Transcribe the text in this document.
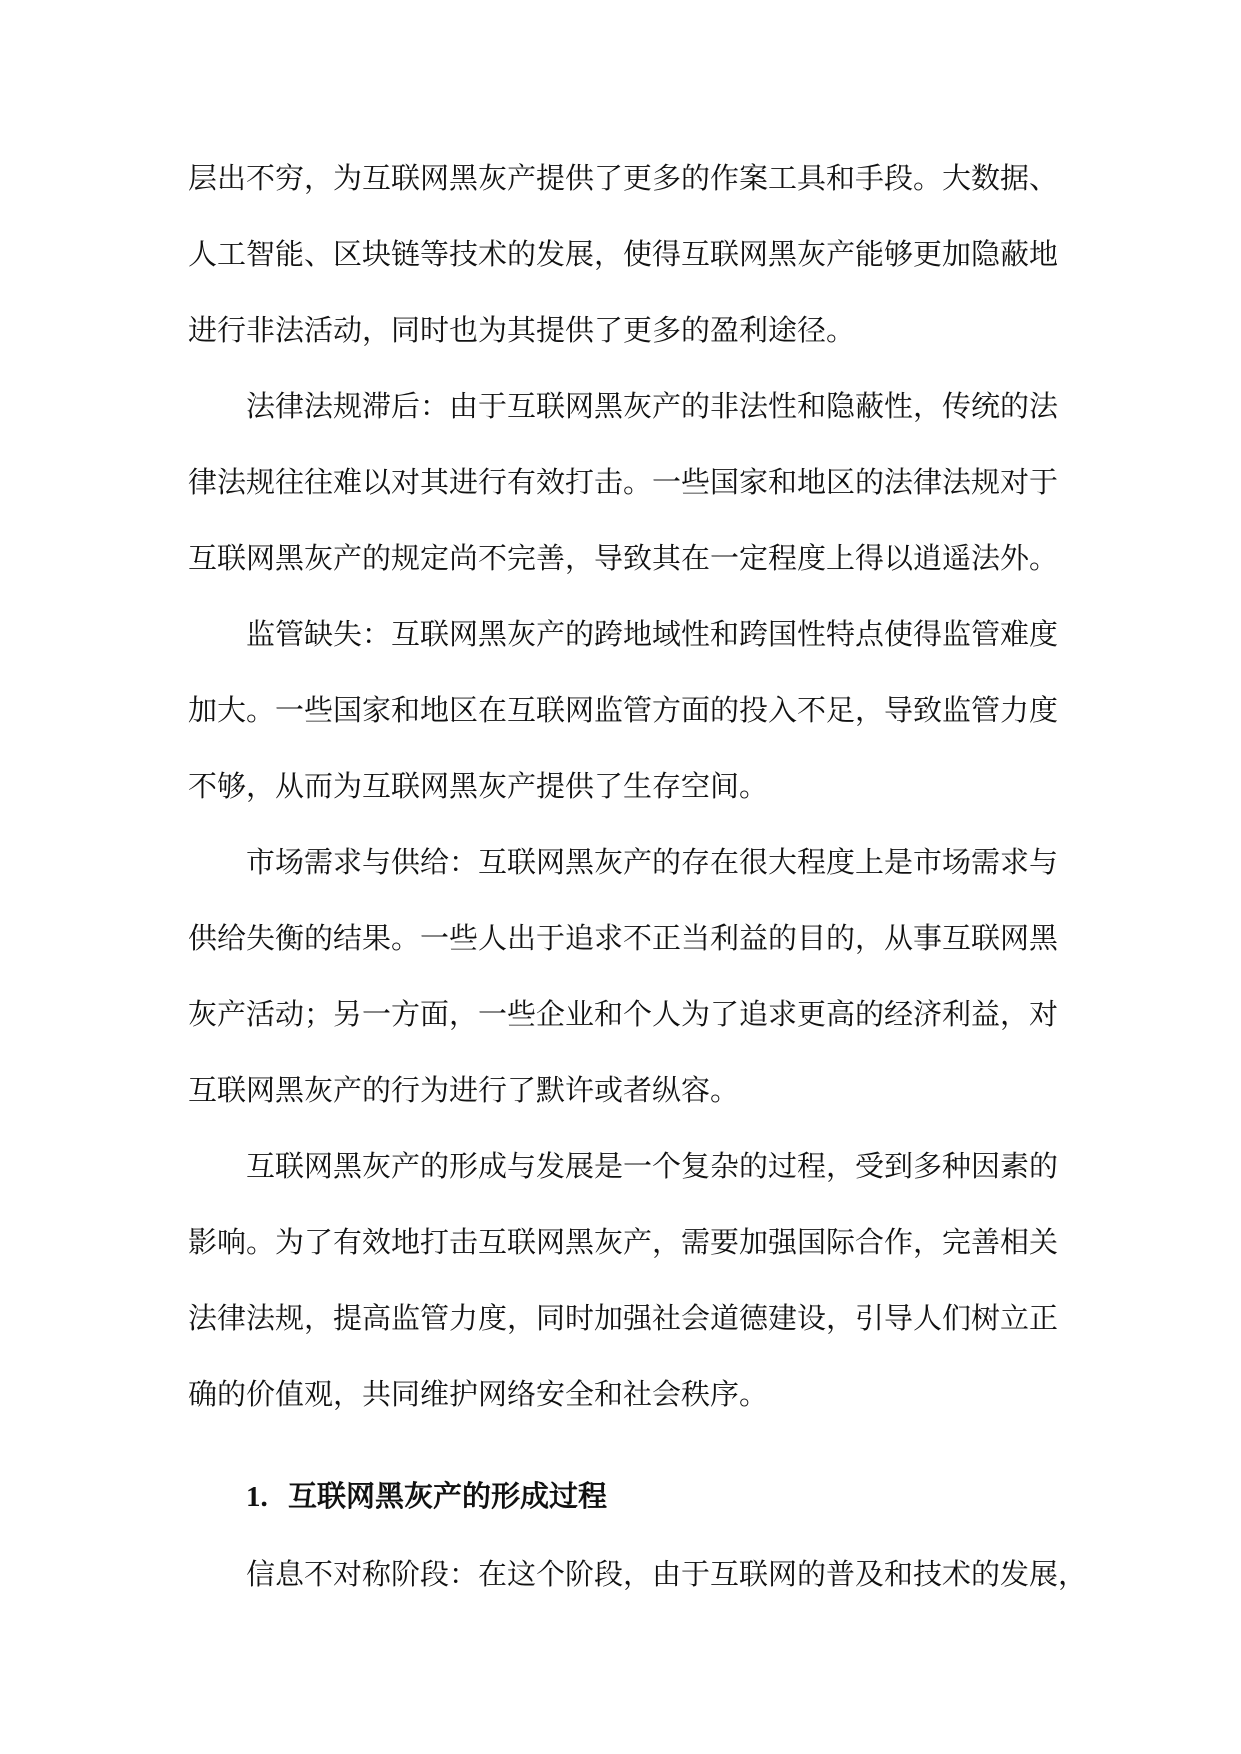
层出不穷，为互联网黑灰产提供了更多的作案工具和手段。大数据、
人工智能、区块链等技术的发展，使得互联网黑灰产能够更加隐蔽地
进行非法活动，同时也为其提供了更多的盈利途径。
法律法规滞后：由于互联网黑灰产的非法性和隐蔽性，传统的法
律法规往往难以对其进行有效打击。一些国家和地区的法律法规对于
互联网黑灰产的规定尚不完善，导致其在一定程度上得以逍遥法外。
监管缺失：互联网黑灰产的跨地域性和跨国性特点使得监管难度
加大。一些国家和地区在互联网监管方面的投入不足，导致监管力度
不够，从而为互联网黑灰产提供了生存空间。
市场需求与供给：互联网黑灰产的存在很大程度上是市场需求与
供给失衡的结果。一些人出于追求不正当利益的目的，从事互联网黑
灰产活动；另一方面，一些企业和个人为了追求更高的经济利益，对
互联网黑灰产的行为进行了默许或者纵容。
互联网黑灰产的形成与发展是一个复杂的过程，受到多种因素的
影响。为了有效地打击互联网黑灰产，需要加强国际合作，完善相关
法律法规，提高监管力度，同时加强社会道德建设，引导人们树立正
确的价值观，共同维护网络安全和社会秩序。
1. 互联网黑灰产的形成过程
信息不对称阶段：在这个阶段，由于互联网的普及和技术的发展，
